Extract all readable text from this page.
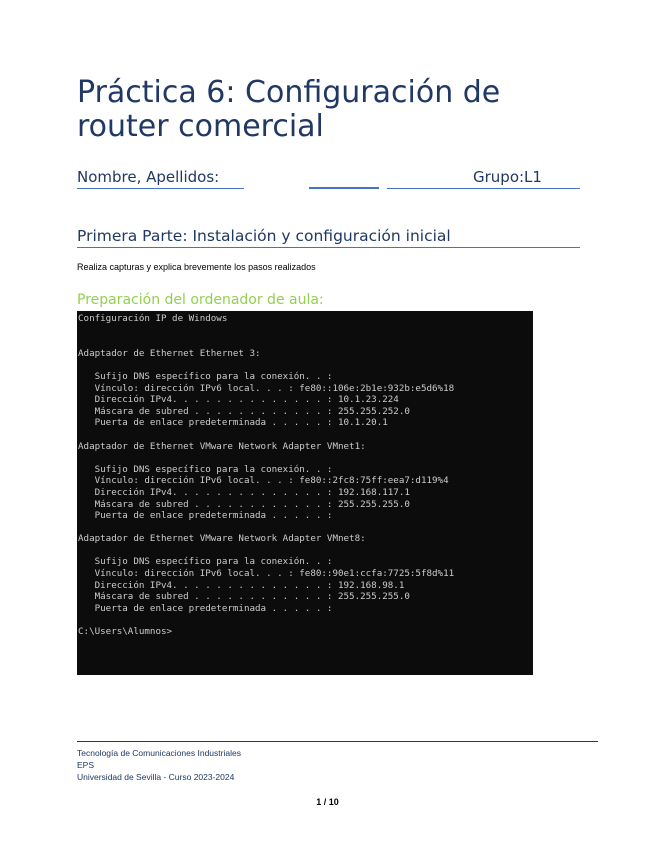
Práctica 6: Configuración de router comercial
Nombre, Apellidos:	Grupo:L1
Primera Parte: Instalación y configuración inicial
Realiza capturas y explica brevemente los pasos realizados
Preparación del ordenador de aula:
Configuración IP de Windows

Adaptador de Ethernet Ethernet 3:

Sufijo DNS específico para la conexión. . :
Vínculo: dirección IPv6 local. . . : fe80::106e:2b1e:932b:e5d6%18
Dirección IPv4. . . . . . . . . . . . . . : 10.1.23.224
Máscara de subred . . . . . . . . . . . . : 255.255.252.0
Puerta de enlace predeterminada . . . . . : 10.1.20.1

Adaptador de Ethernet VMware Network Adapter VMnet1:

Sufijo DNS específico para la conexión. . :
Vínculo: dirección IPv6 local. . . : fe80::2fc8:75ff:eea7:d119%4
Dirección IPv4. . . . . . . . . . . . . . : 192.168.117.1
Máscara de subred . . . . . . . . . . . . : 255.255.255.0
Puerta de enlace predeterminada . . . . . :

Adaptador de Ethernet VMware Network Adapter VMnet8:

Sufijo DNS específico para la conexión. . :
Vínculo: dirección IPv6 local. . . : fe80::90e1:ccfa:7725:5f8d%11
Dirección IPv4. . . . . . . . . . . . . . : 192.168.98.1
Máscara de subred . . . . . . . . . . . . : 255.255.255.0
Puerta de enlace predeterminada . . . . . :

C:\Users\Alumnos>

Tecnología de Comunicaciones Industriales
EPS
Universidad de Sevilla - Curso 2023-2024
1 / 10
